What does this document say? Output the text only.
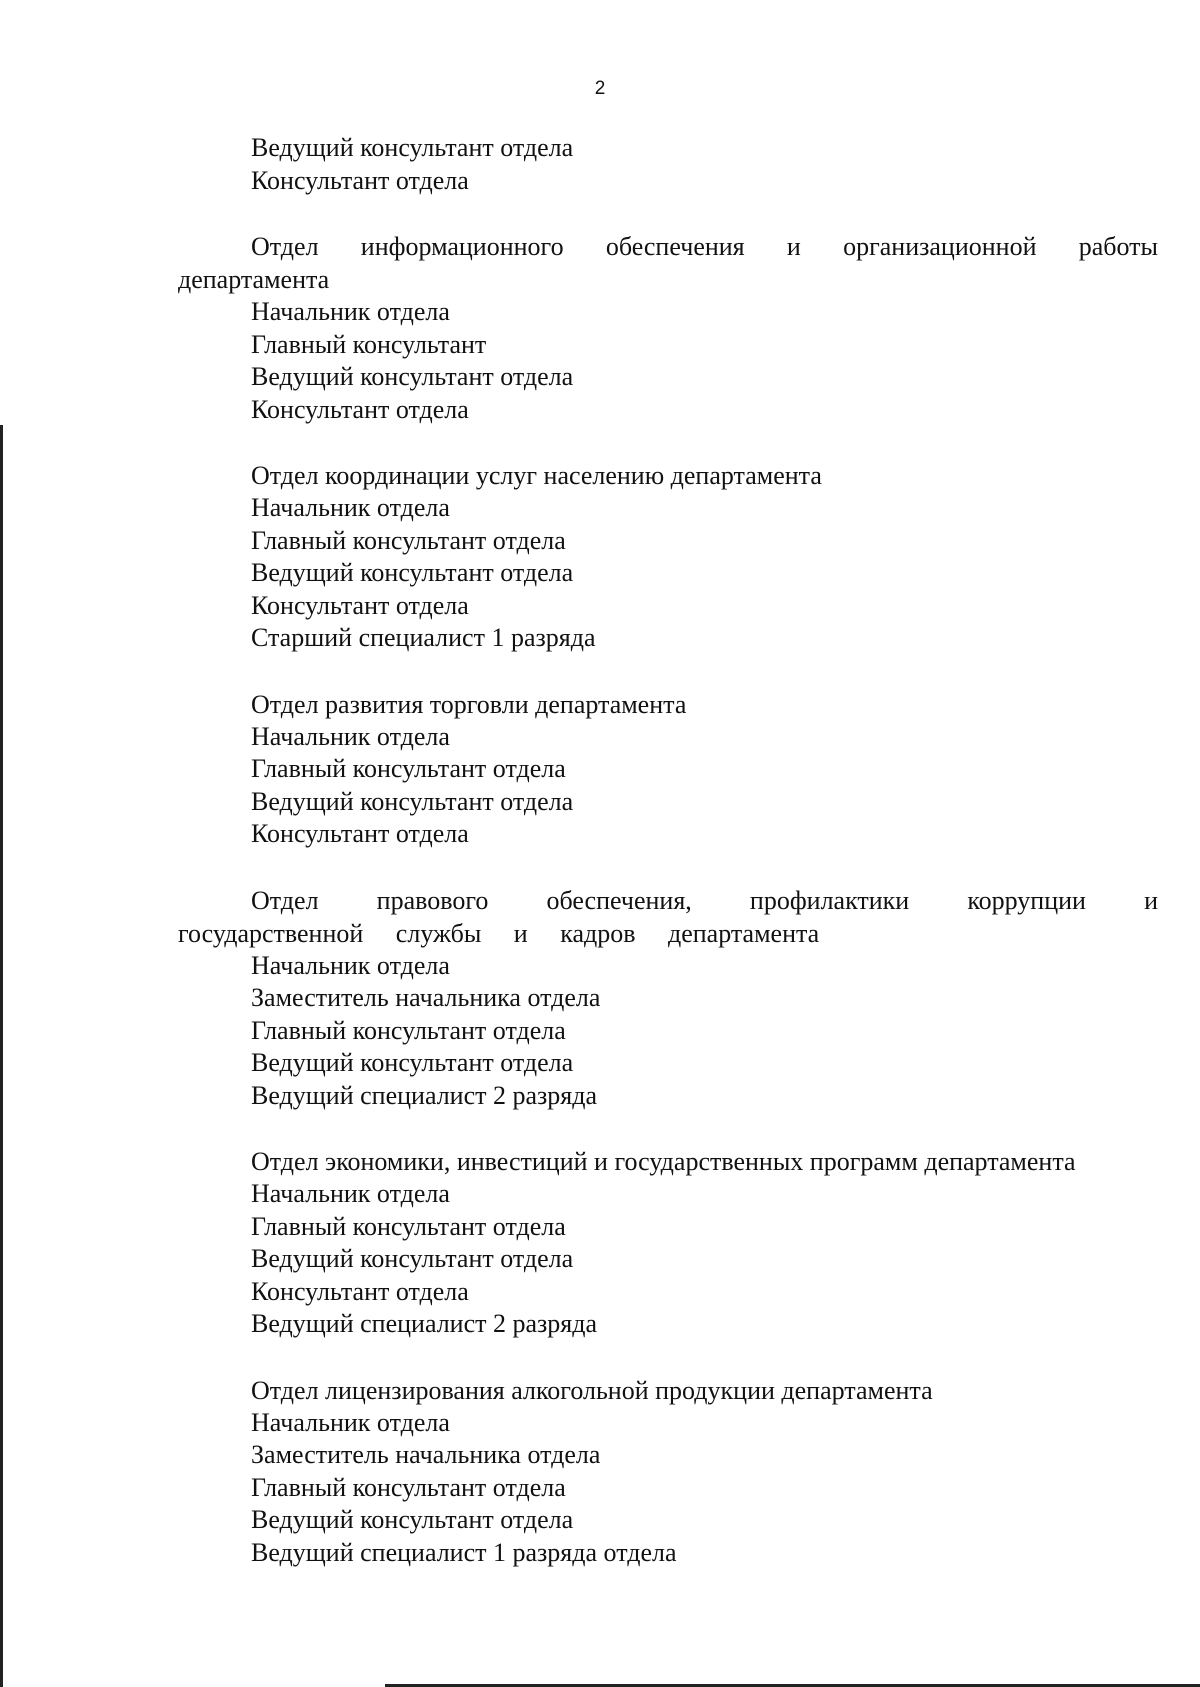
2

Ведущий консультант отдела

Консультант отдела

Отдел информационного обеспечения и организационной работы департамента

Начальник отдела

Главный консультант

Ведущий консультант отдела

Консультант отдела

Отдел координации услуг населению департамента

Начальник отдела

Главный консультант отдела

Ведущий консультант отдела

Консультант отдела

Старший специалист 1 разряда

Отдел развития торговли департамента

Начальник отдела

Главный консультант отдела

Ведущий консультант отдела

Консультант отдела

Отдел правового обеспечения, профилактики коррупции и государственной службы и кадров департамента

Начальник отдела

Заместитель начальника отдела

Главный консультант отдела

Ведущий консультант отдела

Ведущий специалист 2 разряда

Отдел экономики, инвестиций и государственных программ департамента

Начальник отдела

Главный консультант отдела

Ведущий консультант отдела

Консультант отдела

Ведущий специалист 2 разряда

Отдел лицензирования алкогольной продукции департамента

Начальник отдела

Заместитель начальника отдела

Главный консультант отдела

Ведущий консультант отдела

Ведущий специалист 1 разряда отдела
